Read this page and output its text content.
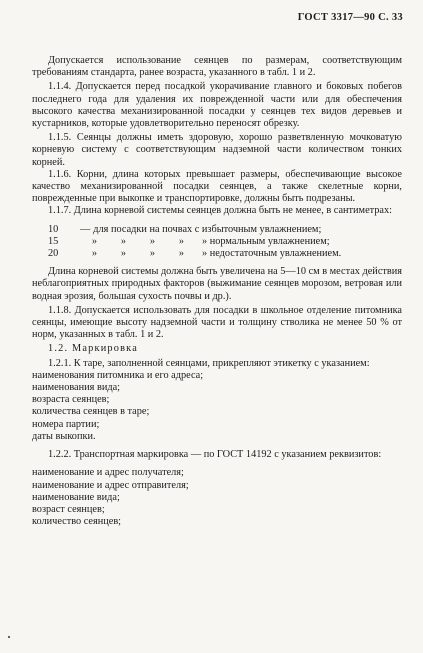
ГОСТ 3317—90 С. 33

Допускается использование сеянцев по размерам, соответствующим требованиям стандарта, ранее возраста, указанного в табл. 1 и 2.

1.1.4. Допускается перед посадкой укорачивание главного и боковых побегов последнего года для удаления их поврежденной части или для обеспечения высокого качества механизированной посадки у сеянцев тех видов деревьев и кустарников, которые удовлетворительно переносят обрезку.

1.1.5. Сеянцы должны иметь здоровую, хорошо разветвленную мочковатую корневую систему с соответствующим надземной части количеством тонких корней.

1.1.6. Корни, длина которых превышает размеры, обеспечивающие высокое качество механизированной посадки сеянцев, а также скелетные корни, поврежденные при выкопке и транспортировке, должны быть подрезаны.

1.1.7. Длина корневой системы сеянцев должна быть не менее, в сантиметрах:

10	— для посадки на почвах с избыточным увлажнением;
15	»	»	»	»	» нормальным увлажнением;
20	»	»	»	»	» недостаточным увлажнением.

Длина корневой системы должна быть увеличена на 5—10 см в местах действия неблагоприятных природных факторов (выжимание сеянцев морозом, ветровая или водная эрозия, большая сухость почвы и др.).

1.1.8. Допускается использовать для посадки в школьное отделение питомника сеянцы, имеющие высоту надземной части и толщину стволика не менее 50 % от норм, указанных в табл. 1 и 2.

1.2. Маркировка

1.2.1. К таре, заполненной сеянцами, прикрепляют этикетку с указанием:

наименования питомника и его адреса;

наименования вида;

возраста сеянцев;

количества сеянцев в таре;

номера партии;

даты выкопки.

1.2.2. Транспортная маркировка — по ГОСТ 14192 с указанием реквизитов:

наименование и адрес получателя;

наименование и адрес отправителя;

наименование вида;

возраст сеянцев;

количество сеянцев;
